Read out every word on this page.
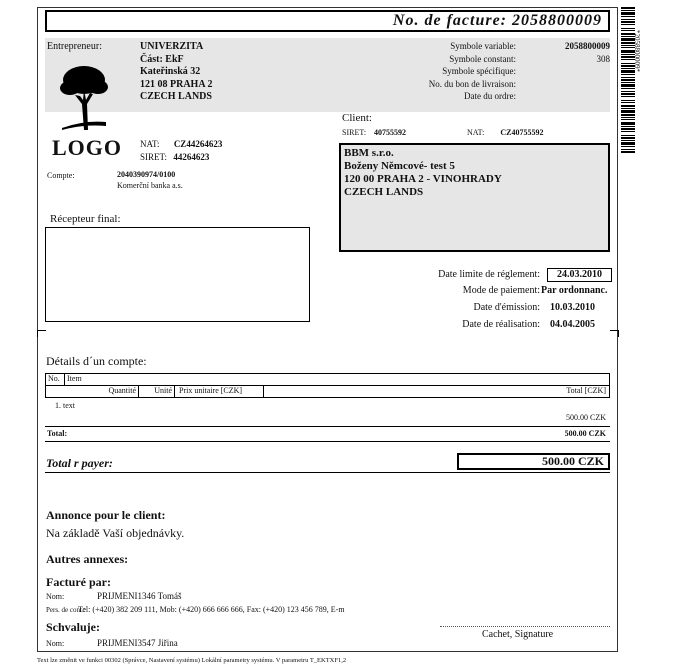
No. de facture: 2058800009
*2058800009*
Entrepreneur:	UNIVERZITA
Část: EkF
Kateřinská 32
121 08 PRAHA 2
CZECH LANDS
LOGO NAT: CZ44264623
SIRET: 44264623
Compte:	2040390974/0100
Komerční banka a.s.
Symbole variable:	2058800009
Symbole constant:	308
Symbole spécifique:
No. du bon de livraison:
Date du ordre:
Client:
SIRET: 40755592	NAT: CZ40755592
BBM s.r.o.
Boženy Němcové- test 5
120 00 PRAHA 2 - VINOHRADY
CZECH LANDS
Récepteur final:
Date limite de réglement:	24.03.2010
Mode de paiement: Par ordonnanc.
Date d'émission: 10.03.2010
Date de réalisation: 04.04.2005
Détails d´un compte:
No. Item
Quantité	Unité Prix unitaire [CZK]	Total [CZK]
1. text
500.00 CZK
Total:	500.00 CZK
Total r payer:	500.00 CZK
Annonce pour le client:
Na základě Vaší objednávky.
Autres annexes:
Facturé par:
Nom:	PRIJMENI1346 Tomáš
Pers. de cont.:
Tel: (+420) 382 209 111, Mob: (+420) 666 666 666, Fax: (+420) 123 456 789, E-m
Schvaluje:
Nom:	PRIJMENI3547 Jiřina
Cachet, Signature
Text lze změnit ve funkci 00302 (Správce, Nastavení systému) Lokální parametry systému. V parametru T_EKTXF1,2
